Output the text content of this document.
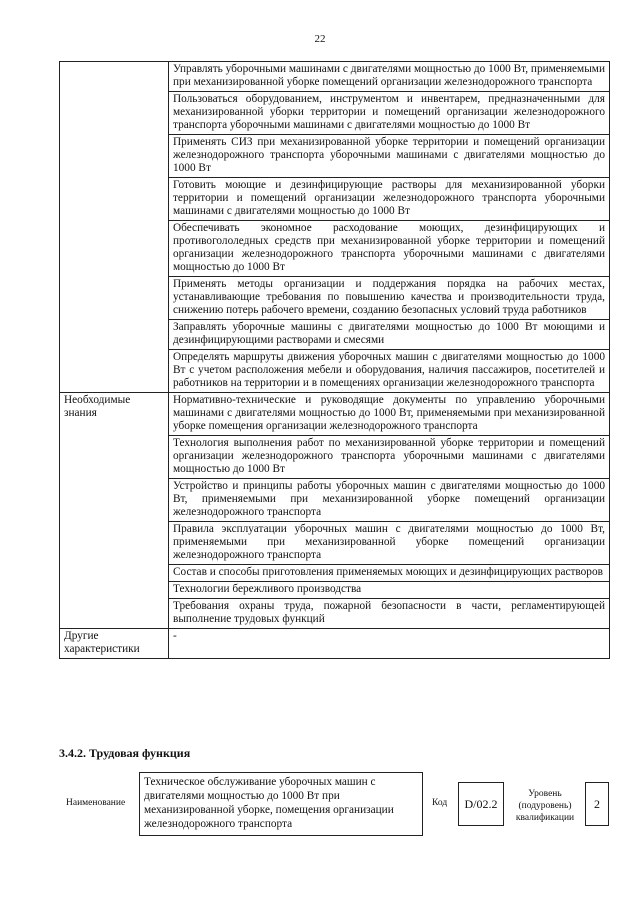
22
	Управлять уборочными машинами с двигателями мощностью до 1000 Вт, применяемыми при механизированной уборке помещений организации железнодорожного транспорта
	Пользоваться оборудованием, инструментом и инвентарем, предназначенными для механизированной уборки территории и помещений организации железнодорожного транспорта уборочными машинами с двигателями мощностью до 1000 Вт
	Применять СИЗ при механизированной уборке территории и помещений организации железнодорожного транспорта уборочными машинами с двигателями мощностью до 1000 Вт
	Готовить моющие и дезинфицирующие растворы для механизированной уборки территории и помещений организации железнодорожного транспорта уборочными машинами с двигателями мощностью до 1000 Вт
	Обеспечивать экономное расходование моющих, дезинфицирующих и противогололедных средств при механизированной уборке территории и помещений организации железнодорожного транспорта уборочными машинами с двигателями мощностью до 1000 Вт
	Применять методы организации и поддержания порядка на рабочих местах, устанавливающие требования по повышению качества и производительности труда, снижению потерь рабочего времени, созданию безопасных условий труда работников
	Заправлять уборочные машины с двигателями мощностью до 1000 Вт моющими и дезинфицирующими растворами и смесями
	Определять маршруты движения уборочных машин с двигателями мощностью до 1000 Вт с учетом расположения мебели и оборудования, наличия пассажиров, посетителей и работников на территории и в помещениях организации железнодорожного транспорта
Необходимые знания	Нормативно-технические и руководящие документы по управлению уборочными машинами с двигателями мощностью до 1000 Вт, применяемыми при механизированной уборке помещения организации железнодорожного транспорта
	Технология выполнения работ по механизированной уборке территории и помещений организации железнодорожного транспорта уборочными машинами с двигателями мощностью до 1000 Вт
	Устройство и принципы работы уборочных машин с двигателями мощностью до 1000 Вт, применяемыми при механизированной уборке помещений организации железнодорожного транспорта
	Правила эксплуатации уборочных машин с двигателями мощностью до 1000 Вт, применяемыми при механизированной уборке помещений организации железнодорожного транспорта
	Состав и способы приготовления применяемых моющих и дезинфицирующих растворов
	Технологии бережливого производства
	Требования охраны труда, пожарной безопасности в части, регламентирующей выполнение трудовых функций
Другие характеристики	-
3.4.2. Трудовая функция
Наименование
Техническое обслуживание уборочных машин с двигателями мощностью до 1000 Вт при механизированной уборке, помещения организации железнодорожного транспорта
Код	D/02.2
Уровень (подуровень) квалификации
2
